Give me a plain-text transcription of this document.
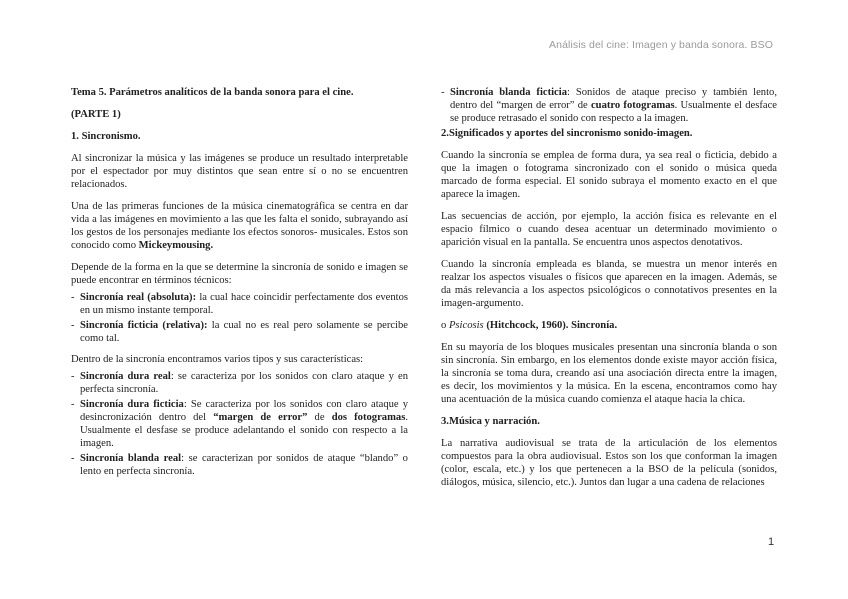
Análisis del cine: Imagen y banda sonora. BSO

Tema 5. Parámetros analíticos de la banda sonora para el cine.

(PARTE 1)

1. Sincronismo.

Al sincronizar la música y las imágenes se produce un resultado interpretable por el espectador por muy distintos que sean entre sí o no se encuentren relacionados.

Una de las primeras funciones de la música cinematográfica se centra en dar vida a las imágenes en movimiento a las que les falta el sonido, subrayando así los gestos de los personajes mediante los efectos sonoros- musicales. Estos son conocido como Mickeymousing.

Depende de la forma en la que se determine la sincronía de sonido e imagen se puede encontrar en términos técnicos:

- Sincronía real (absoluta): la cual hace coincidir perfectamente dos eventos en un mismo instante temporal.
- Sincronía ficticia (relativa): la cual no es real pero solamente se percibe como tal.

Dentro de la sincronía encontramos varios tipos y sus características:

- Sincronía dura real: se caracteriza por los sonidos con claro ataque y en perfecta sincronía.
- Sincronía dura ficticia: Se caracteriza por los sonidos con claro ataque y desincronización dentro del “margen de error” de dos fotogramas. Usualmente el desfase se produce adelantando el sonido con respecto a la imagen.
- Sincronía blanda real: se caracterizan por sonidos de ataque “blando” o lento en perfecta sincronía.
- Sincronía blanda ficticia: Sonidos de ataque preciso y también lento, dentro del “margen de error” de cuatro fotogramas. Usualmente el desface se produce retrasado el sonido con respecto a la imagen.

2.Significados y aportes del sincronismo sonido-imagen.

Cuando la sincronía se emplea de forma dura, ya sea real o ficticia, debido a que la imagen o fotograma sincronizado con el sonido o música queda marcado de forma especial. El sonido subraya el momento exacto en el que aparece la imagen.

Las secuencias de acción, por ejemplo, la acción física es relevante en el espacio fílmico o cuando desea acentuar un determinado movimiento o aparición visual en la pantalla. Se encuentra unos aspectos denotativos.

Cuando la sincronía empleada es blanda, se muestra un menor interés en realzar los aspectos visuales o físicos que aparecen en la imagen. Además, se da más relevancia a los aspectos psicológicos o connotativos presentes en la imagen-argumento.

o Psicosis (Hitchcock, 1960). Sincronía.

En su mayoría de los bloques musicales presentan una sincronía blanda o son sin sincronía. Sin embargo, en los elementos donde existe mayor acción física, la sincronía se toma dura, creando así una asociación directa entre la imagen, es decir, los movimientos y la música. En la escena, encontramos como hay una acentuación de la música cuando comienza el ataque hacia la chica.

3.Música y narración.

La narrativa audiovisual se trata de la articulación de los elementos compuestos para la obra audiovisual. Estos son los que conforman la imagen (color, escala, etc.) y los que pertenecen a la BSO de la película (sonidos, diálogos, música, silencio, etc.). Juntos dan lugar a una cadena de relaciones

1
